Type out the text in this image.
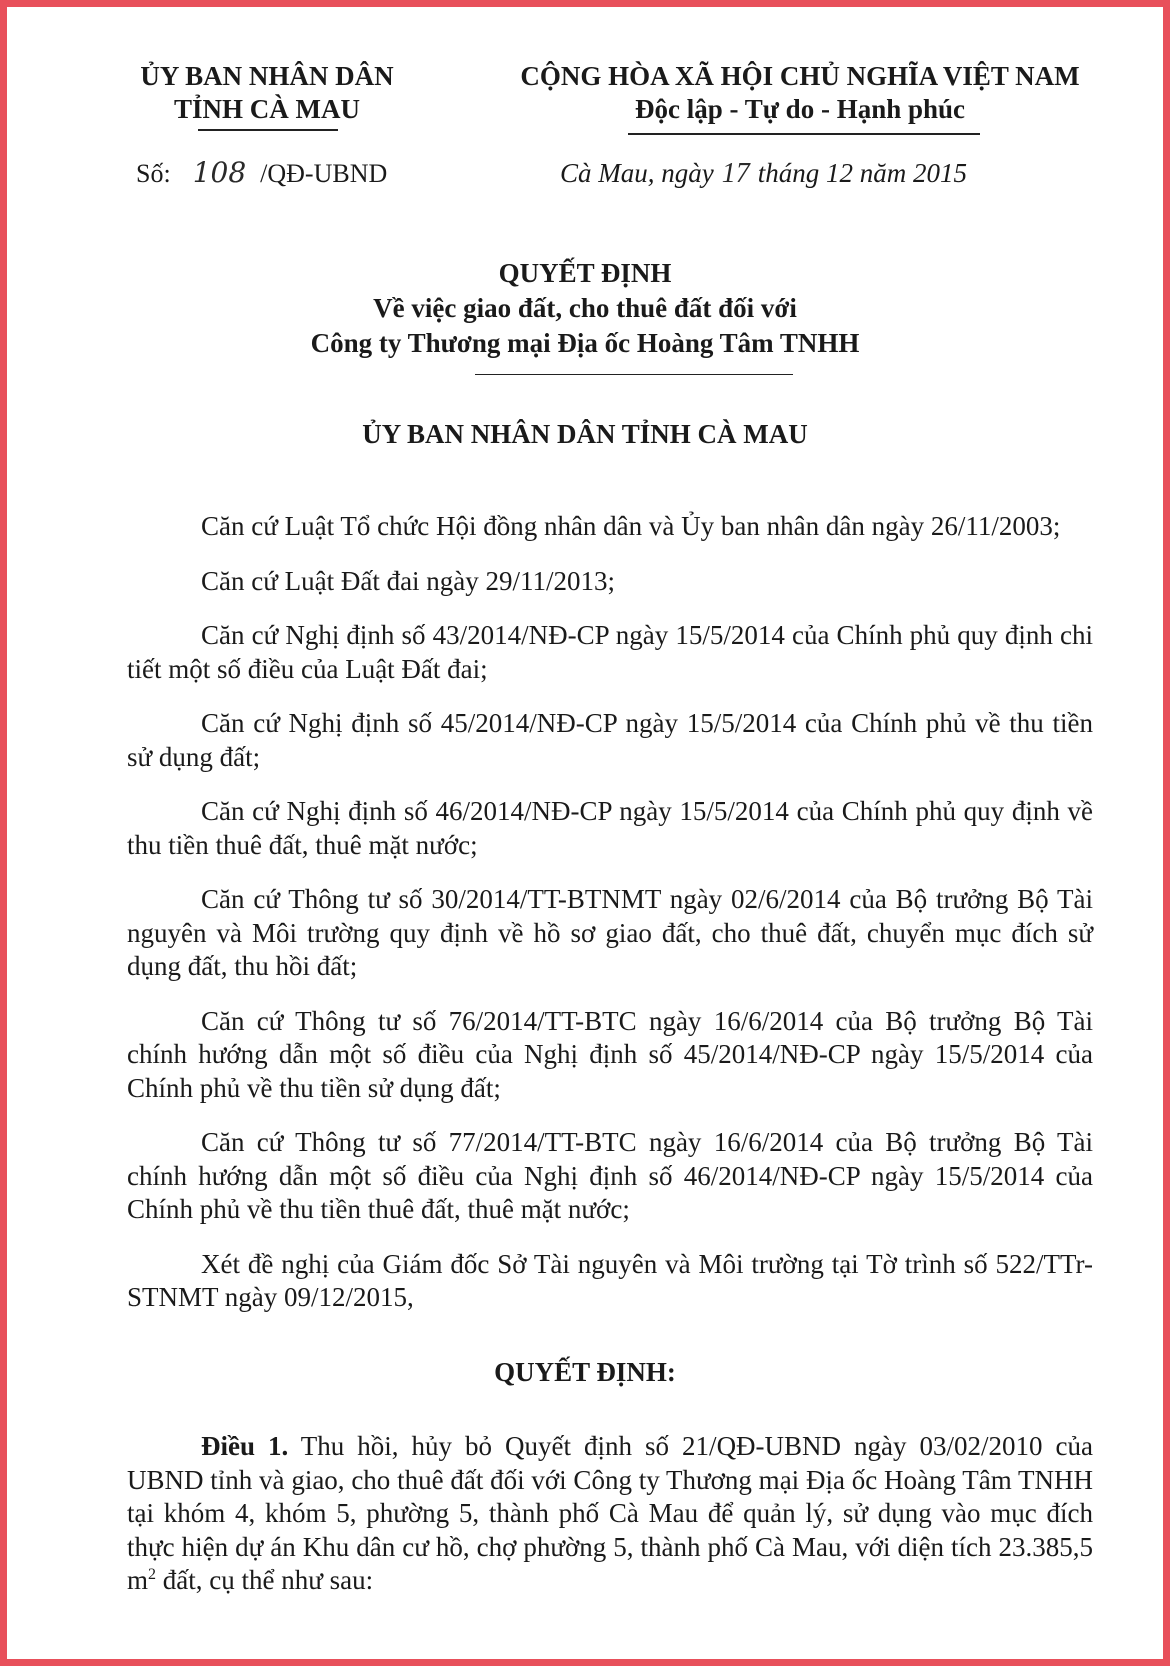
ỦY BAN NHÂN DÂN
TỈNH CÀ MAU
CỘNG HÒA XÃ HỘI CHỦ NGHĨA VIỆT NAM
Độc lập - Tự do - Hạnh phúc
Số: 108 /QĐ-UBND	Cà Mau, ngày 17 tháng 12 năm 2015
QUYẾT ĐỊNH
Về việc giao đất, cho thuê đất đối với
Công ty Thương mại Địa ốc Hoàng Tâm TNHH
ỦY BAN NHÂN DÂN TỈNH CÀ MAU

Căn cứ Luật Tổ chức Hội đồng nhân dân và Ủy ban nhân dân ngày 26/11/2003;

Căn cứ Luật Đất đai ngày 29/11/2013;

Căn cứ Nghị định số 43/2014/NĐ-CP ngày 15/5/2014 của Chính phủ quy định chi tiết một số điều của Luật Đất đai;

Căn cứ Nghị định số 45/2014/NĐ-CP ngày 15/5/2014 của Chính phủ về thu tiền sử dụng đất;

Căn cứ Nghị định số 46/2014/NĐ-CP ngày 15/5/2014 của Chính phủ quy định về thu tiền thuê đất, thuê mặt nước;

Căn cứ Thông tư số 30/2014/TT-BTNMT ngày 02/6/2014 của Bộ trưởng Bộ Tài nguyên và Môi trường quy định về hồ sơ giao đất, cho thuê đất, chuyển mục đích sử dụng đất, thu hồi đất;

Căn cứ Thông tư số 76/2014/TT-BTC ngày 16/6/2014 của Bộ trưởng Bộ Tài chính hướng dẫn một số điều của Nghị định số 45/2014/NĐ-CP ngày 15/5/2014 của Chính phủ về thu tiền sử dụng đất;

Căn cứ Thông tư số 77/2014/TT-BTC ngày 16/6/2014 của Bộ trưởng Bộ Tài chính hướng dẫn một số điều của Nghị định số 46/2014/NĐ-CP ngày 15/5/2014 của Chính phủ về thu tiền thuê đất, thuê mặt nước;

Xét đề nghị của Giám đốc Sở Tài nguyên và Môi trường tại Tờ trình số 522/TTr-STNMT ngày 09/12/2015,

QUYẾT ĐỊNH:
Điều 1. Thu hồi, hủy bỏ Quyết định số 21/QĐ-UBND ngày 03/02/2010 của UBND tỉnh và giao, cho thuê đất đối với Công ty Thương mại Địa ốc Hoàng Tâm TNHH tại khóm 4, khóm 5, phường 5, thành phố Cà Mau để quản lý, sử dụng vào mục đích thực hiện dự án Khu dân cư hồ, chợ phường 5, thành phố Cà Mau, với diện tích 23.385,5 $m^2$ đất, cụ thể như sau:
